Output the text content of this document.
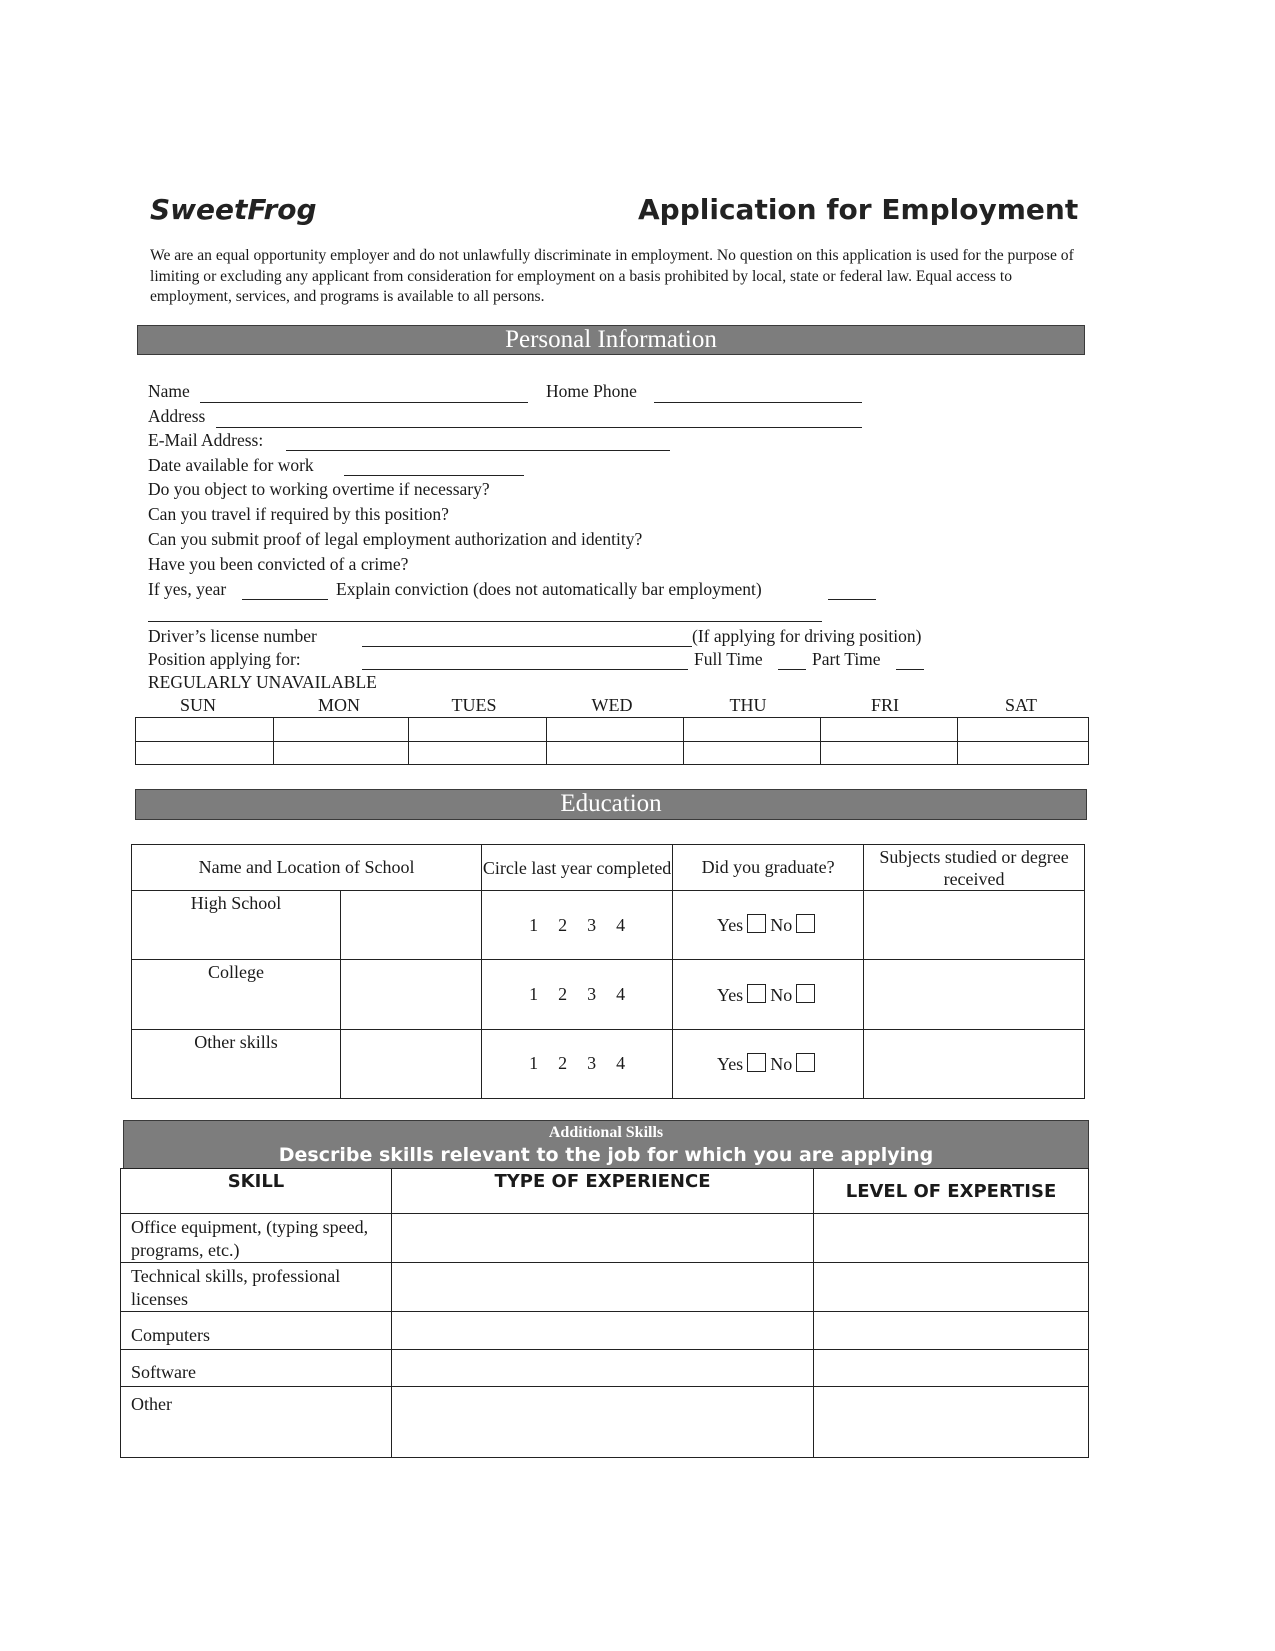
SweetFrog	Application for Employment
We are an equal opportunity employer and do not unlawfully discriminate in employment. No question on this application is used for the purpose of limiting or excluding any applicant from consideration for employment on a basis prohibited by local, state or federal law. Equal access to employment, services, and programs is available to all persons.
Personal Information
Name	Home Phone
Address
E-Mail Address:
Date available for work
Do you object to working overtime if necessary?
Can you travel if required by this position?
Can you submit proof of legal employment authorization and identity?
Have you been convicted of a crime?
If yes, year	Explain conviction (does not automatically bar employment)
Driver’s license number	(If applying for driving position)
Position applying for:	Full Time	Part Time
REGULARLY UNAVAILABLE
SUN	MON	TUES	WED	THU	FRI	SAT

Education
Name and Location of School		Circle last year completed	Did you graduate?	Subjects studied or degree received
High School		1 2 3 4	Yes No	
College		1 2 3 4	Yes No	
Other skills		1 2 3 4	Yes No	
Additional Skills
Describe skills relevant to the job for which you are applying
SKILL	TYPE OF EXPERIENCE	LEVEL OF EXPERTISE
Office equipment, (typing speed, programs, etc.)		
Technical skills, professional licenses		
Computers		
Software		
Other		
